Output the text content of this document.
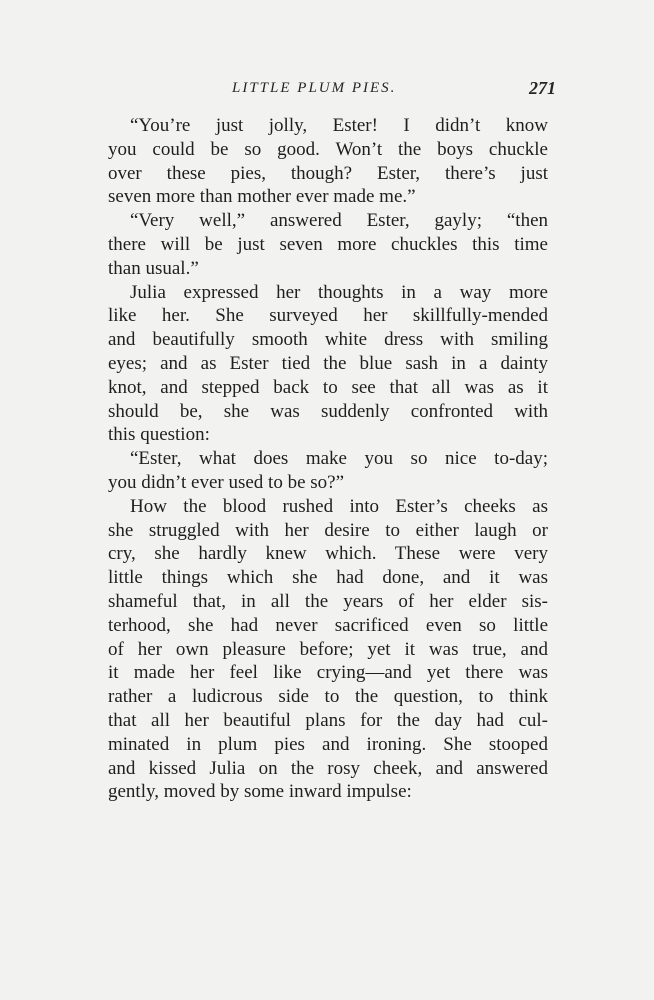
LITTLE PLUM PIES.	271
“You’re just jolly, Ester! I didn’t know
you could be so good. Won’t the boys chuckle
over these pies, though? Ester, there’s just
seven more than mother ever made me.”
“Very well,” answered Ester, gayly; “then
there will be just seven more chuckles this time
than usual.”
Julia expressed her thoughts in a way more
like her. She surveyed her skillfully-mended
and beautifully smooth white dress with smiling
eyes; and as Ester tied the blue sash in a dainty
knot, and stepped back to see that all was as it
should be, she was suddenly confronted with
this question:
“Ester, what does make you so nice to-day;
you didn’t ever used to be so?”
How the blood rushed into Ester’s cheeks as
she struggled with her desire to either laugh or
cry, she hardly knew which. These were very
little things which she had done, and it was
shameful that, in all the years of her elder sis-
terhood, she had never sacrificed even so little
of her own pleasure before; yet it was true, and
it made her feel like crying—and yet there was
rather a ludicrous side to the question, to think
that all her beautiful plans for the day had cul-
minated in plum pies and ironing. She stooped
and kissed Julia on the rosy cheek, and answered
gently, moved by some inward impulse:
